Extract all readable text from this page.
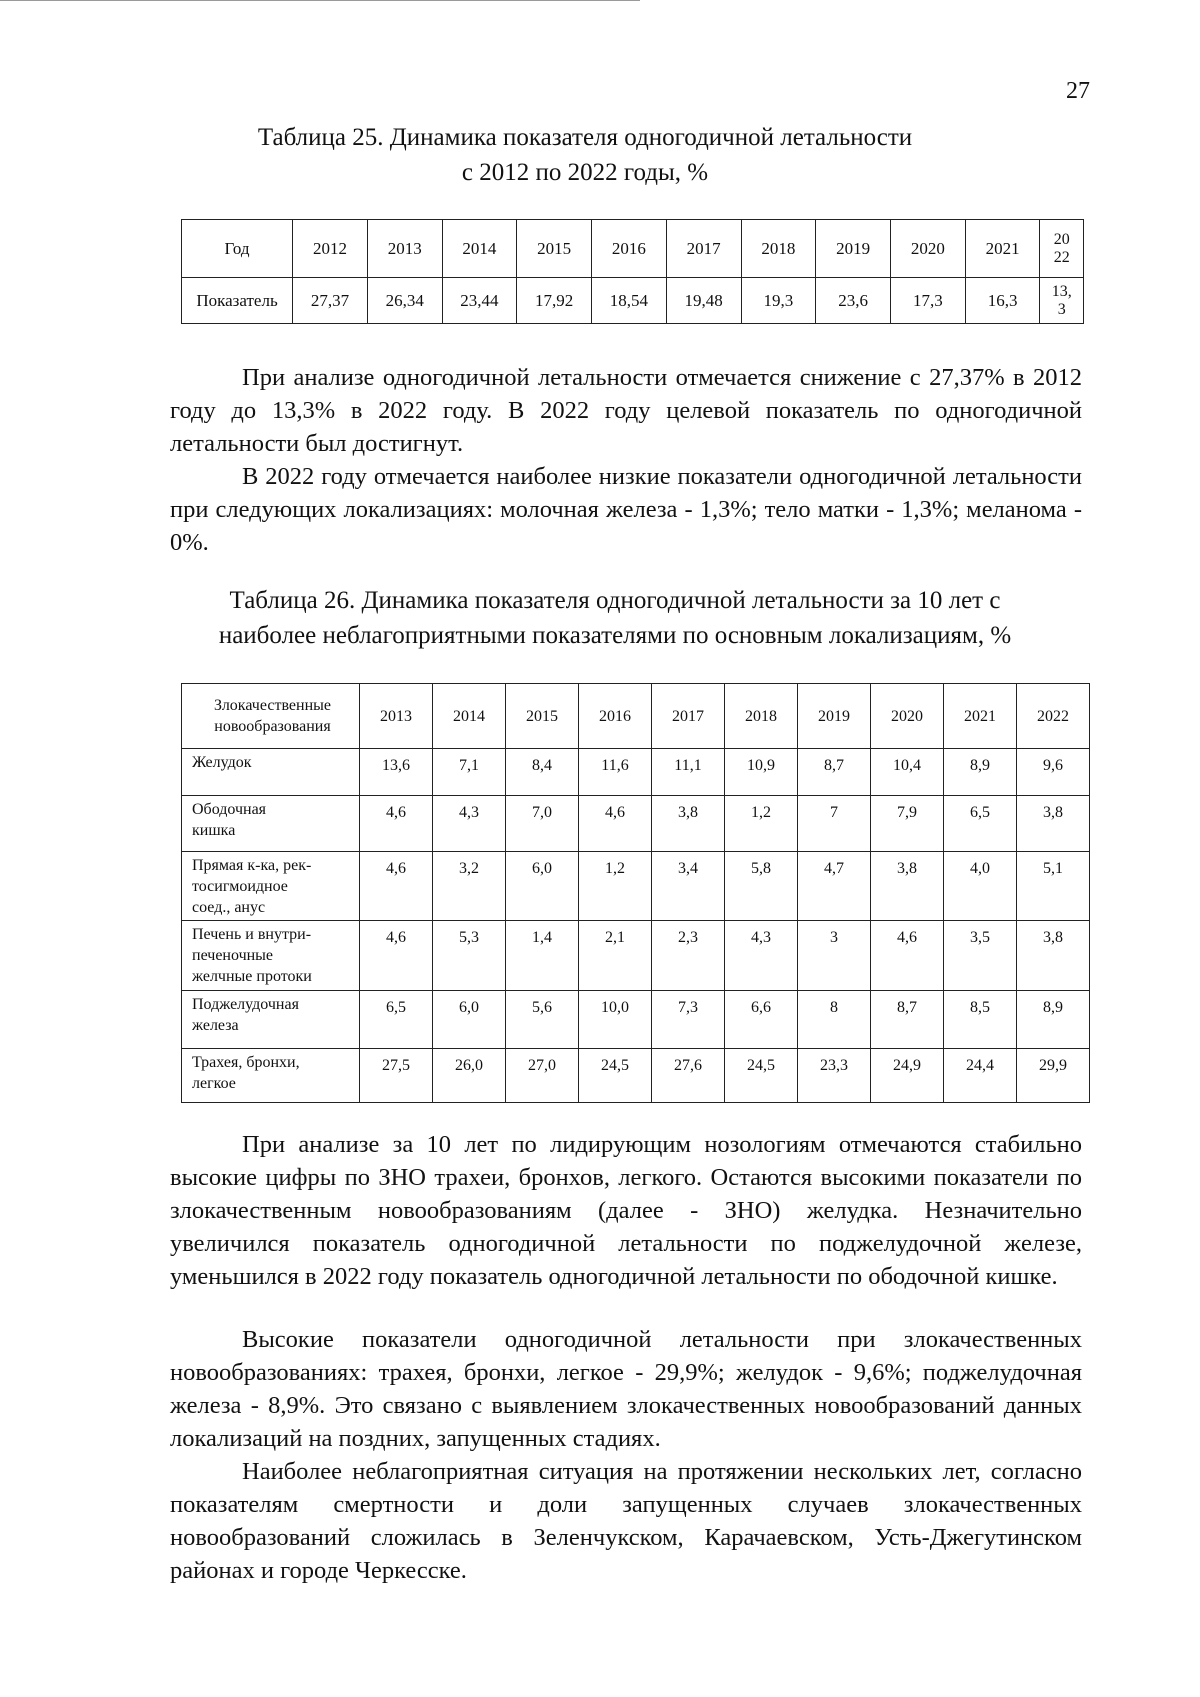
27
Таблица 25. Динамика показателя одногодичной летальности
с 2012 по 2022 годы, %
Год	2012	2013	2014	2015	2016	2017	2018	2019	2020	2021	20
22
Показатель	27,37	26,34	23,44	17,92	18,54	19,48	19,3	23,6	17,3	16,3	13,
3

При анализе одногодичной летальности отмечается снижение с 27,37% в 2012 году до 13,3% в 2022 году. В 2022 году целевой показатель по одногодичной летальности был достигнут.

В 2022 году отмечается наиболее низкие показатели одногодичной летальности при следующих локализациях: молочная железа - 1,3%; тело матки - 1,3%; меланома - 0%.

Таблица 26. Динамика показателя одногодичной летальности за 10 лет с
наиболее неблагоприятными показателями по основным локализациям, %
Злокачественные
новообразования	2013	2014	2015	2016	2017	2018	2019	2020	2021	2022
Желудок	13,6	7,1	8,4	11,6	11,1	10,9	8,7	10,4	8,9	9,6
Ободочная
кишка	4,6	4,3	7,0	4,6	3,8	1,2	7	7,9	6,5	3,8
Прямая к-ка, рек-
тосигмоидное
соед., анус	4,6	3,2	6,0	1,2	3,4	5,8	4,7	3,8	4,0	5,1
Печень и внутри-
печеночные
желчные протоки	4,6	5,3	1,4	2,1	2,3	4,3	3	4,6	3,5	3,8
Поджелудочная
железа	6,5	6,0	5,6	10,0	7,3	6,6	8	8,7	8,5	8,9
Трахея, бронхи,
легкое	27,5	26,0	27,0	24,5	27,6	24,5	23,3	24,9	24,4	29,9

При анализе за 10 лет по лидирующим нозологиям отмечаются стабильно высокие цифры по ЗНО трахеи, бронхов, легкого. Остаются высокими показатели по злокачественным новообразованиям (далее - ЗНО) желудка. Незначительно увеличился показатель одногодичной летальности по поджелудочной железе, уменьшился в 2022 году показатель одногодичной летальности по ободочной кишке.

Высокие показатели одногодичной летальности при злокачественных новообразованиях: трахея, бронхи, легкое - 29,9%; желудок - 9,6%; поджелудочная железа - 8,9%. Это связано с выявлением злокачественных новообразований данных локализаций на поздних, запущенных стадиях.

Наиболее неблагоприятная ситуация на протяжении нескольких лет, согласно показателям смертности и доли запущенных случаев злокачественных новообразований сложилась в Зеленчукском, Карачаевском, Усть-Джегутинском районах и городе Черкесске.
